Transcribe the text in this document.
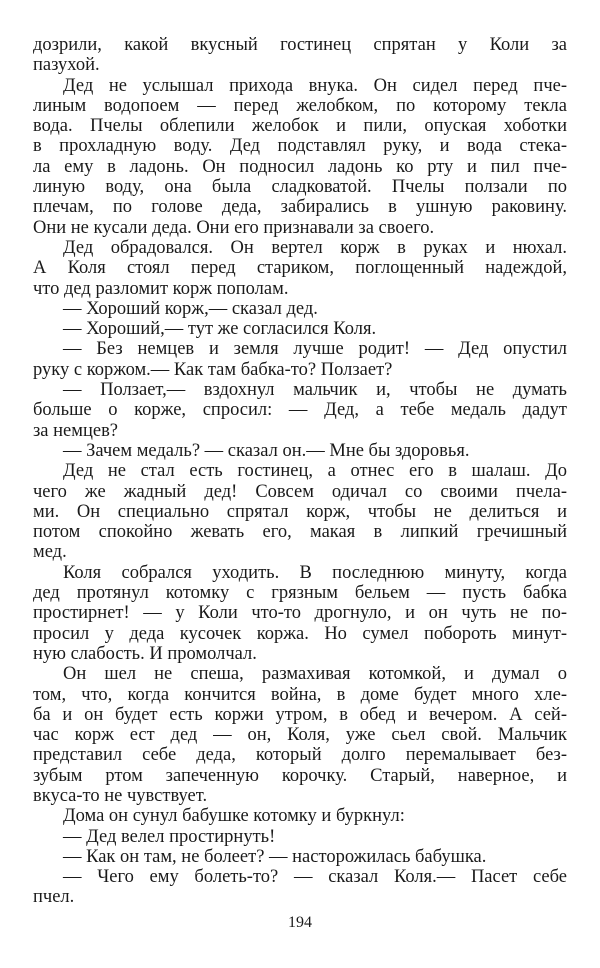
дозрили, какой вкусный гостинец спрятан у Коли за
пазухой.
Дед не услышал прихода внука. Он сидел перед пче-
линым водопоем — перед желобком, по которому текла
вода. Пчелы облепили желобок и пили, опуская хоботки
в прохладную воду. Дед подставлял руку, и вода стека-
ла ему в ладонь. Он подносил ладонь ко рту и пил пче-
линую воду, она была сладковатой. Пчелы ползали по
плечам, по голове деда, забирались в ушную раковину.
Они не кусали деда. Они его признавали за своего.
Дед обрадовался. Он вертел корж в руках и нюхал.
А Коля стоял перед стариком, поглощенный надеждой,
что дед разломит корж пополам.
— Хороший корж,— сказал дед.
— Хороший,— тут же согласился Коля.
— Без немцев и земля лучше родит! — Дед опустил
руку с коржом.— Как там бабка-то? Ползает?
— Ползает,— вздохнул мальчик и, чтобы не думать
больше о корже, спросил: — Дед, а тебе медаль дадут
за немцев?
— Зачем медаль? — сказал он.— Мне бы здоровья.
Дед не стал есть гостинец, а отнес его в шалаш. До
чего же жадный дед! Совсем одичал со своими пчела-
ми. Он специально спрятал корж, чтобы не делиться и
потом спокойно жевать его, макая в липкий гречишный
мед.
Коля собрался уходить. В последнюю минуту, когда
дед протянул котомку с грязным бельем — пусть бабка
простирнет! — у Коли что-то дрогнуло, и он чуть не по-
просил у деда кусочек коржа. Но сумел побороть минут-
ную слабость. И промолчал.
Он шел не спеша, размахивая котомкой, и думал о
том, что, когда кончится война, в доме будет много хле-
ба и он будет есть коржи утром, в обед и вечером. А сей-
час корж ест дед — он, Коля, уже сьел свой. Мальчик
представил себе деда, который долго перемалывает без-
зубым ртом запеченную корочку. Старый, наверное, и
вкуса-то не чувствует.
Дома он сунул бабушке котомку и буркнул:
— Дед велел простирнуть!
— Как он там, не болеет? — насторожилась бабушка.
— Чего ему болеть-то? — сказал Коля.— Пасет себе
пчел.
194
